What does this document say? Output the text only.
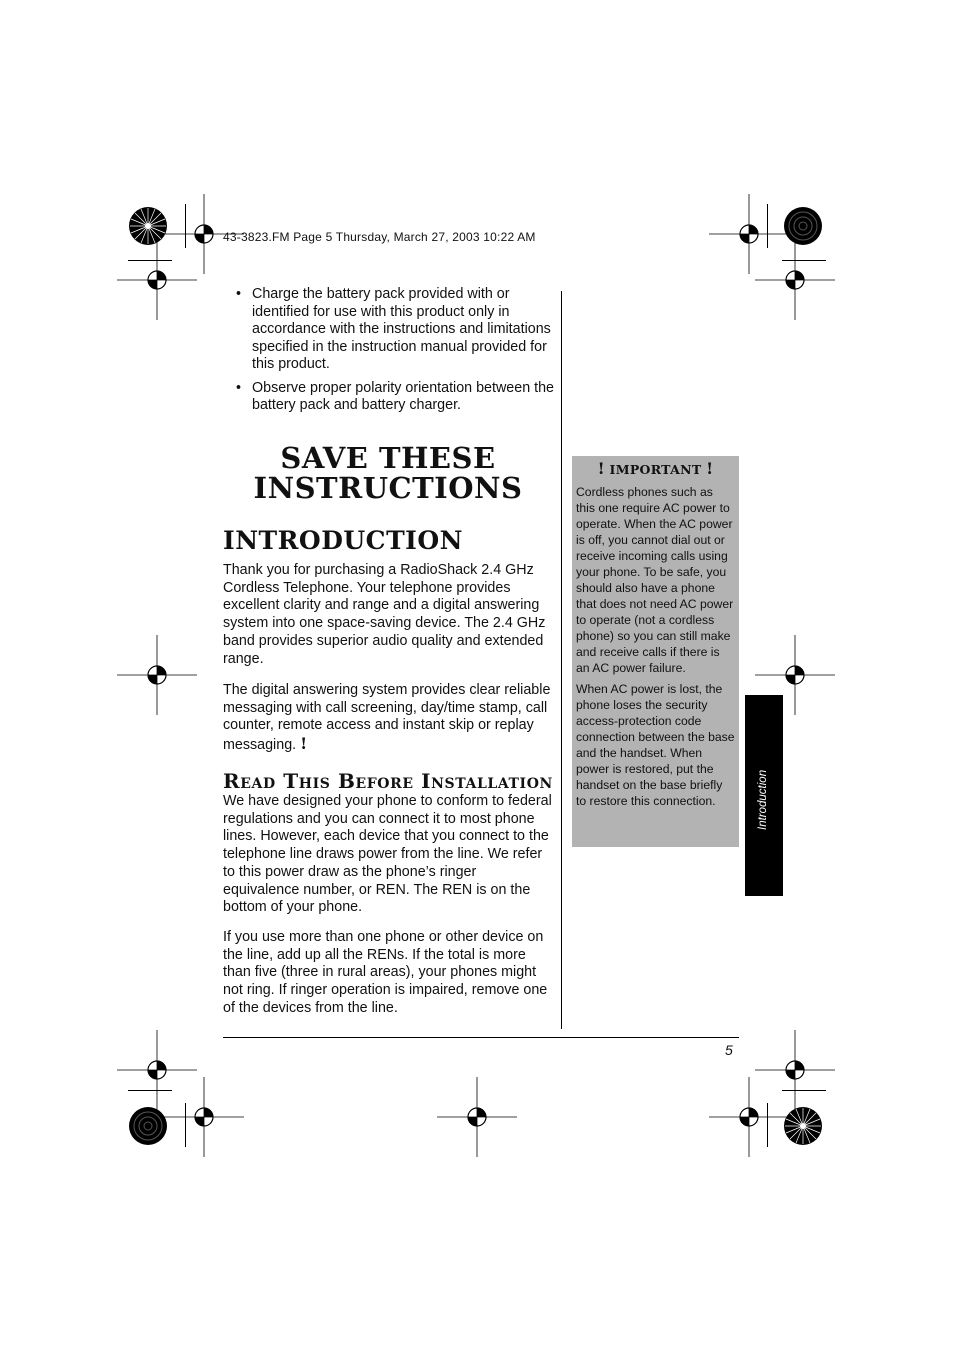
43-3823.FM Page 5 Thursday, March 27, 2003 10:22 AM
• Charge the battery pack provided with or identified for use with this product only in accordance with the instructions and limitations specified in the instruction manual provided for this product.
• Observe proper polarity orientation between the battery pack and battery charger.
SAVE THESE
INSTRUCTIONS
INTRODUCTION

Thank you for purchasing a RadioShack 2.4 GHz Cordless Telephone. Your telephone provides excellent clarity and range and a digital answering system into one space-saving device. The 2.4 GHz band provides superior audio quality and extended range.

The digital answering system provides clear reliable messaging with call screening, day/time stamp, call counter, remote access and instant skip or replay messaging. !

Read This Before Installation

We have designed your phone to conform to federal regulations and you can connect it to most phone lines. However, each device that you connect to the telephone line draws power from the line. We refer to this power draw as the phone’s ringer equivalence number, or REN. The REN is on the bottom of your phone.

If you use more than one phone or other device on the line, add up all the RENs. If the total is more than five (three in rural areas), your phones might not ring. If ringer operation is impaired, remove one of the devices from the line.

! IMPORTANT !

Cordless phones such as this one require AC power to operate. When the AC power is off, you cannot dial out or receive incoming calls using your phone. To be safe, you should also have a phone that does not need AC power to operate (not a cordless phone) so you can still make and receive calls if there is an AC power failure.

When AC power is lost, the phone loses the security access-protection code connection between the base and the handset. When power is restored, put the handset on the base briefly to restore this connection.	Introduction
5
